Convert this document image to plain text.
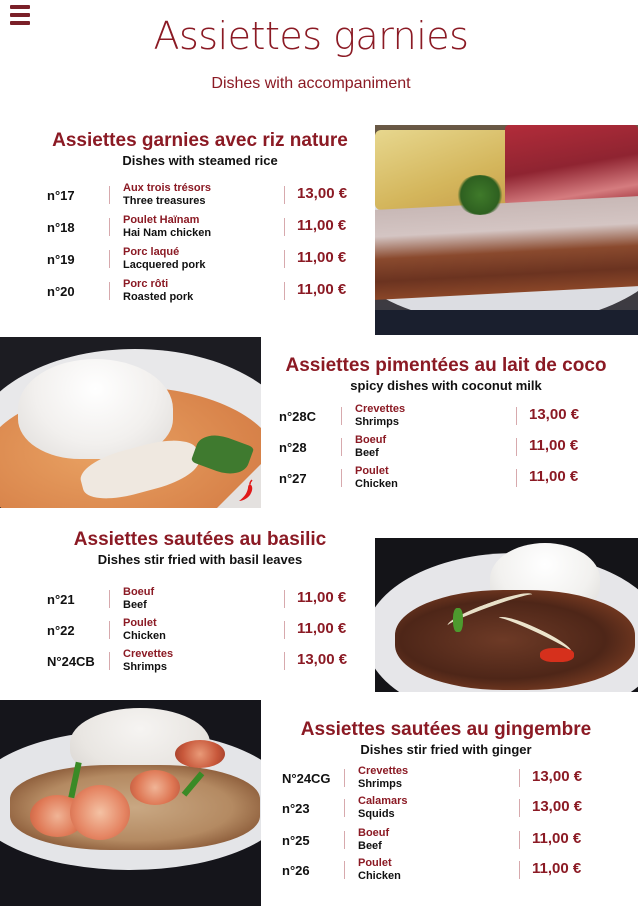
Assiettes garnies
Dishes with accompaniment
Assiettes garnies avec riz nature
Dishes with steamed rice
n°17	Aux trois trésors
Three treasures	13,00 €
n°18	Poulet Haïnam
Hai Nam chicken	11,00 €
n°19	Porc laqué
Lacquered pork	11,00 €
n°20	Porc rôti
Roasted pork	11,00 €
Assiettes pimentées au lait de coco
spicy dishes with coconut milk
n°28C	Crevettes
Shrimps	13,00 €
n°28	Boeuf
Beef	11,00 €
n°27	Poulet
Chicken	11,00 €
Assiettes sautées au basilic
Dishes stir fried with basil leaves
n°21	Boeuf
Beef	11,00 €
n°22	Poulet
Chicken	11,00 €
N°24CB	Crevettes
Shrimps	13,00 €
Assiettes sautées au gingembre
Dishes stir fried with ginger
N°24CG Crevettes
Shrimps	13,00 €
n°23	Calamars
Squids	13,00 €
n°25	Boeuf
Beef	11,00 €
n°26	Poulet
Chicken	11,00 €
